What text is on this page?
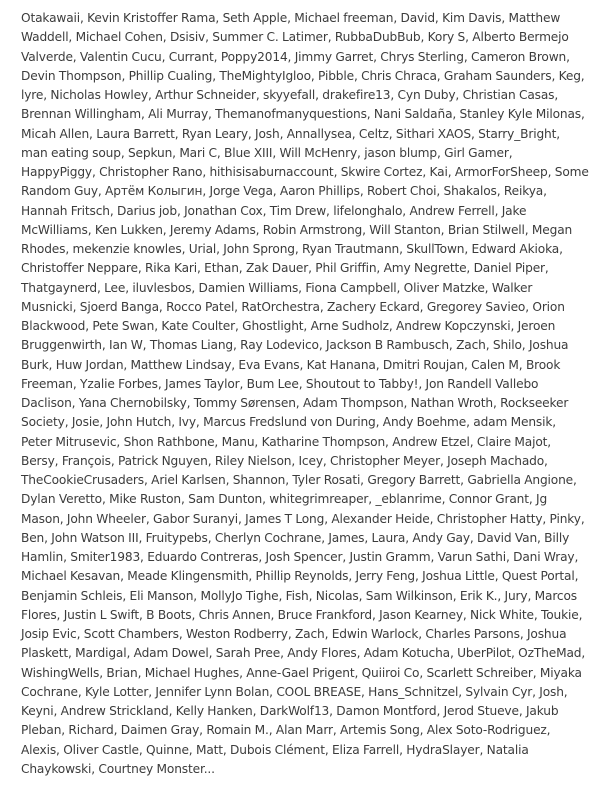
Otakawaii, Kevin Kristoffer Rama, Seth Apple, Michael freeman, David, Kim Davis, Matthew Waddell, Michael Cohen, Dsisiv, Summer C. Latimer, RubbaDubBub, Kory S, Alberto Bermejo Valverde, Valentin Cucu, Currant, Poppy2014, Jimmy Garret, Chrys Sterling, Cameron Brown, Devin Thompson, Phillip Cualing, TheMightyIgloo, Pibble, Chris Chraca, Graham Saunders, Keg, lyre, Nicholas Howley, Arthur Schneider, skyyefall, drakefire13, Cyn Duby, Christian Casas, Brennan Willingham, Ali Murray, Themanofmanyquestions, Nani Saldaña, Stanley Kyle Milonas, Micah Allen, Laura Barrett, Ryan Leary, Josh, Annallysea, Celtz, Sithari XAOS, Starry_Bright, man eating soup, Sepkun, Mari C, Blue XIII, Will McHenry, jason blump, Girl Gamer, HappyPiggy, Christopher Rano, hithisisaburnaccount, Skwire Cortez, Kai, ArmorForSheep, Some Random Guy, Артём Колыгин, Jorge Vega, Aaron Phillips, Robert Choi, Shakalos, Reikya, Hannah Fritsch, Darius job, Jonathan Cox, Tim Drew, lifelonghalo, Andrew Ferrell, Jake McWilliams, Ken Lukken, Jeremy Adams, Robin Armstrong, Will Stanton, Brian Stilwell, Megan Rhodes, mekenzie knowles, Urial, John Sprong, Ryan Trautmann, SkullTown, Edward Akioka, Christoffer Neppare, Rika Kari, Ethan, Zak Dauer, Phil Griffin, Amy Negrette, Daniel Piper, Thatgaynerd, Lee, iluvlesbos, Damien Williams, Fiona Campbell, Oliver Matzke, Walker Musnicki, Sjoerd Banga, Rocco Patel, RatOrchestra, Zachery Eckard, Gregorey Savieo, Orion Blackwood, Pete Swan, Kate Coulter, Ghostlight, Arne Sudholz, Andrew Kopczynski, Jeroen Bruggenwirth, Ian W, Thomas Liang, Ray Lodevico, Jackson B Rambusch, Zach, Shilo, Joshua Burk, Huw Jordan, Matthew Lindsay, Eva Evans, Kat Hanana, Dmitri Roujan, Calen M, Brook Freeman, Yzalie Forbes, James Taylor, Bum Lee, Shoutout to Tabby!, Jon Randell Vallebo Daclison, Yana Chernobilsky, Tommy Sørensen, Adam Thompson, Nathan Wroth, Rockseeker Society, Josie, John Hutch, Ivy, Marcus Fredslund von During, Andy Boehme, adam Mensik, Peter Mitrusevic, Shon Rathbone, Manu, Katharine Thompson, Andrew Etzel, Claire Majot, Bersy, François, Patrick Nguyen, Riley Nielson, Icey, Christopher Meyer, Joseph Machado, TheCookieCrusaders, Ariel Karlsen, Shannon, Tyler Rosati, Gregory Barrett, Gabriella Angione, Dylan Veretto, Mike Ruston, Sam Dunton, whitegrimreaper, _eblanrime, Connor Grant, Jg Mason, John Wheeler, Gabor Suranyi, James T Long, Alexander Heide, Christopher Hatty, Pinky, Ben, John Watson III, Fruitypebs, Cherlyn Cochrane, James, Laura, Andy Gay, David Van, Billy Hamlin, Smiter1983, Eduardo Contreras, Josh Spencer, Justin Gramm, Varun Sathi, Dani Wray, Michael Kesavan, Meade Klingensmith, Phillip Reynolds, Jerry Feng, Joshua Little, Quest Portal, Benjamin Schleis, Eli Manson, MollyJo Tighe, Fish, Nicolas, Sam Wilkinson, Erik K., Jury, Marcos Flores, Justin L Swift, B Boots, Chris Annen, Bruce Frankford, Jason Kearney, Nick White, Toukie, Josip Evic, Scott Chambers, Weston Rodberry, Zach, Edwin Warlock, Charles Parsons, Joshua Plaskett, Mardigal, Adam Dowel, Sarah Pree, Andy Flores, Adam Kotucha, UberPilot, OzTheMad, WishingWells, Brian, Michael Hughes, Anne-Gael Prigent, Quiiroi Co, Scarlett Schreiber, Miyaka Cochrane, Kyle Lotter, Jennifer Lynn Bolan, COOL BREASE, Hans_Schnitzel, Sylvain Cyr, Josh, Keyni, Andrew Strickland, Kelly Hanken, DarkWolf13, Damon Montford, Jerod Stueve, Jakub Pleban, Richard, Daimen Gray, Romain M., Alan Marr, Artemis Song, Alex Soto-Rodriguez, Alexis, Oliver Castle, Quinne, Matt, Dubois Clément, Eliza Farrell, HydraSlayer, Natalia Chaykowski, Courtney Monster...
